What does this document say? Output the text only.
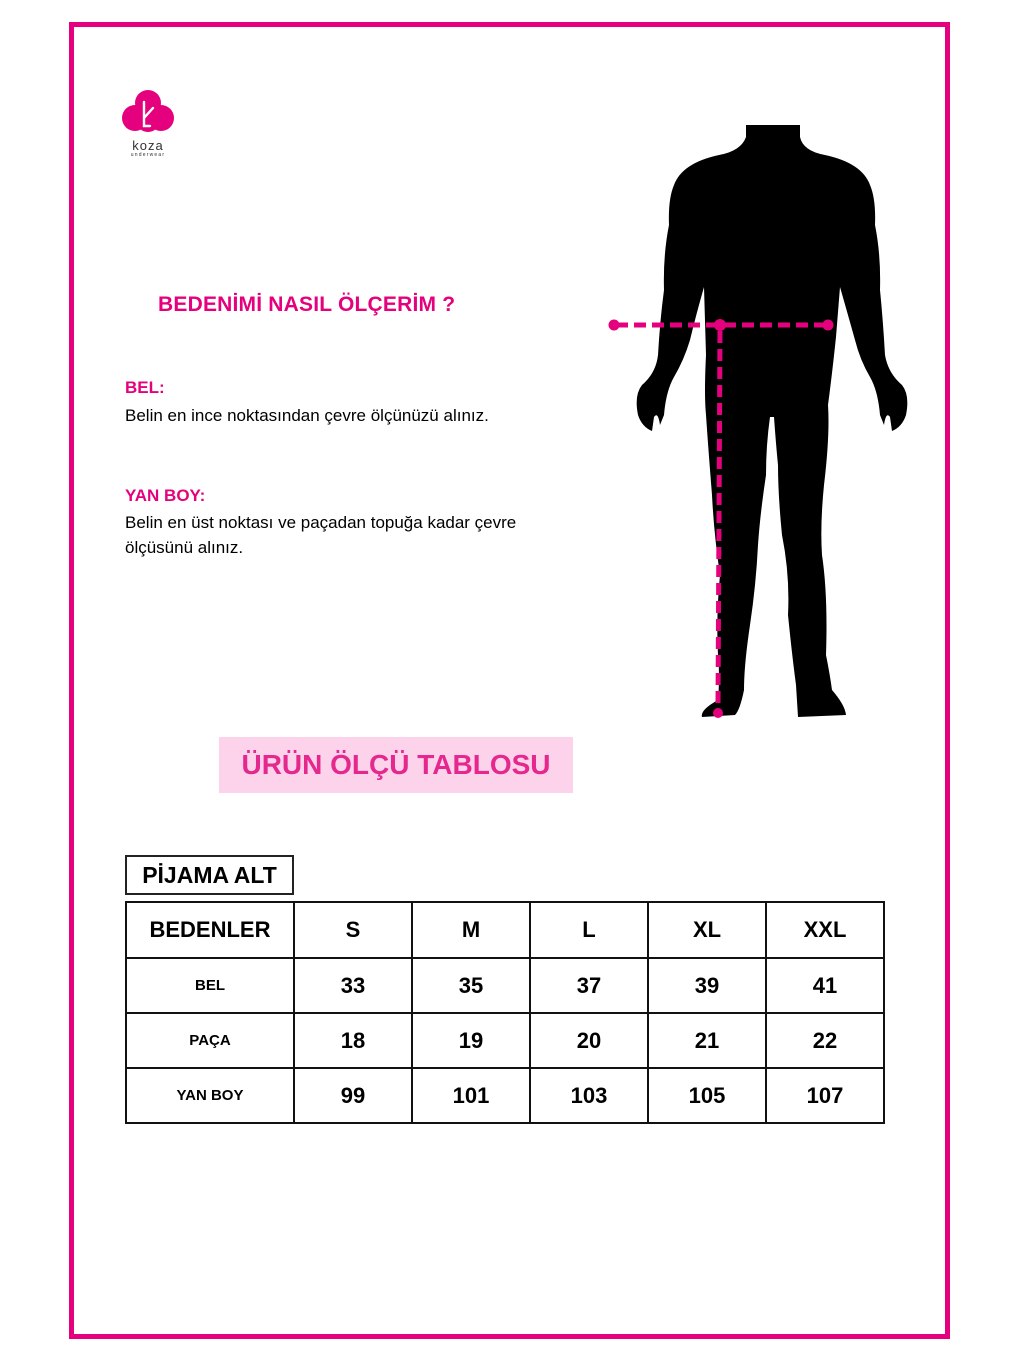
koza
underwear
BEDENİMİ NASIL ÖLÇERİM ?
BEL:
Belin en ince noktasından çevre ölçünüzü alınız.
YAN BOY:
Belin en üst noktası ve paçadan topuğa kadar çevre ölçüsünü alınız.
ÜRÜN ÖLÇÜ TABLOSU
PİJAMA ALT
BEDENLER	S	M	L	XL	XXL
BEL	33	35	37	39	41
PAÇA	18	19	20	21	22
YAN BOY	99	101	103	105	107
